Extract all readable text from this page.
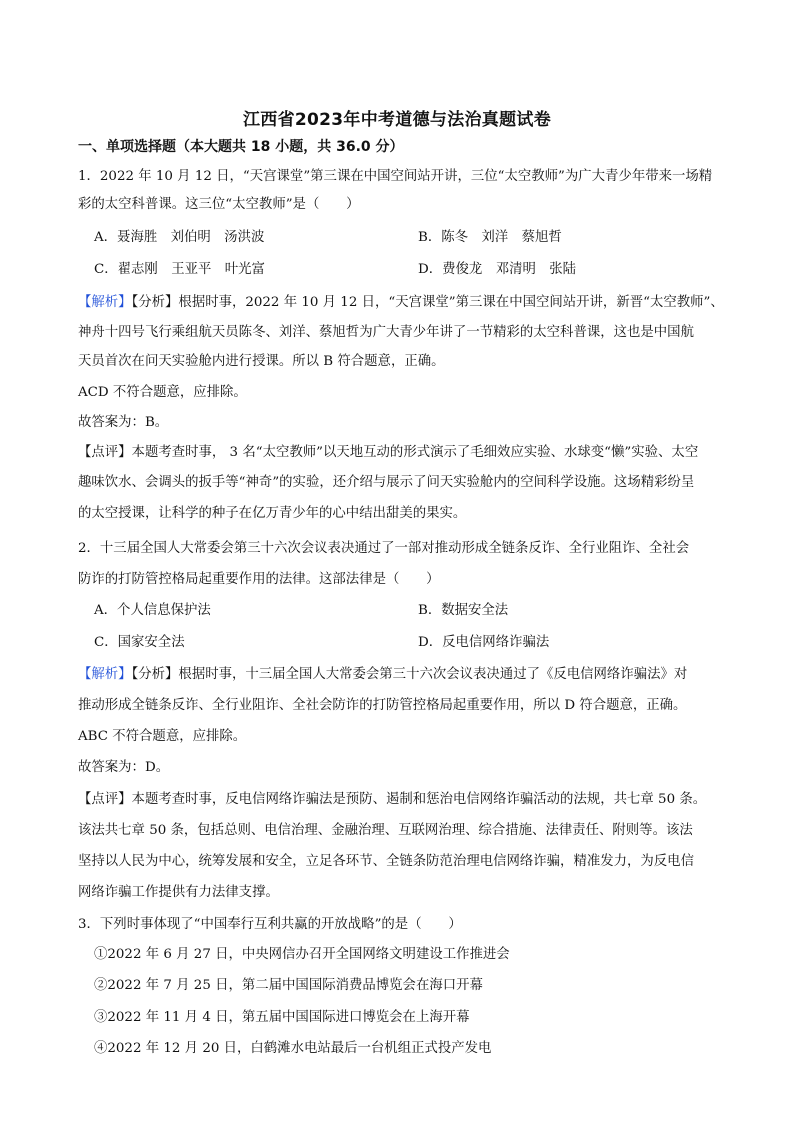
江西省2023年中考道德与法治真题试卷
一、单项选择题（本大题共 18 小题，共 36.0 分）
1．2022 年 10 月 12 日，“天宫课堂”第三课在中国空间站开讲，三位“太空教师”为广大青少年带来一场精
彩的太空科普课。这三位“太空教师”是（　　）
A．聂海胜　刘伯明　汤洪波	B．陈冬　刘洋　蔡旭哲
C．翟志刚　王亚平　叶光富	D．费俊龙　邓清明　张陆
【解析】【分析】根据时事，2022 年 10 月 12 日，“天宫课堂”第三课在中国空间站开讲，新晋“太空教师”、
神舟十四号飞行乘组航天员陈冬、刘洋、蔡旭哲为广大青少年讲了一节精彩的太空科普课，这也是中国航
天员首次在问天实验舱内进行授课。所以 B 符合题意，正确。
ACD 不符合题意，应排除。
故答案为：B。
【点评】本题考查时事， 3 名“太空教师”以天地互动的形式演示了毛细效应实验、水球变“懒”实验、太空
趣味饮水、会调头的扳手等“神奇”的实验，还介绍与展示了问天实验舱内的空间科学设施。这场精彩纷呈
的太空授课，让科学的种子在亿万青少年的心中结出甜美的果实。
2．十三届全国人大常委会第三十六次会议表决通过了一部对推动形成全链条反诈、全行业阻诈、全社会
防诈的打防管控格局起重要作用的法律。这部法律是（　　）
A．个人信息保护法	B．数据安全法
C．国家安全法	D．反电信网络诈骗法
【解析】【分析】根据时事，十三届全国人大常委会第三十六次会议表决通过了《反电信网络诈骗法》对
推动形成全链条反诈、全行业阻诈、全社会防诈的打防管控格局起重要作用，所以 D 符合题意，正确。
ABC 不符合题意，应排除。
故答案为：D。
【点评】本题考查时事，反电信网络诈骗法是预防、遏制和惩治电信网络诈骗活动的法规，共七章 50 条。
该法共七章 50 条，包括总则、电信治理、金融治理、互联网治理、综合措施、法律责任、附则等。该法
坚持以人民为中心，统筹发展和安全，立足各环节、全链条防范治理电信网络诈骗，精准发力，为反电信
网络诈骗工作提供有力法律支撑。
3．下列时事体现了“中国奉行互利共赢的开放战略”的是（　　）
①2022 年 6 月 27 日，中央网信办召开全国网络文明建设工作推进会
②2022 年 7 月 25 日，第二届中国国际消费品博览会在海口开幕
③2022 年 11 月 4 日，第五届中国国际进口博览会在上海开幕
④2022 年 12 月 20 日，白鹤滩水电站最后一台机组正式投产发电
